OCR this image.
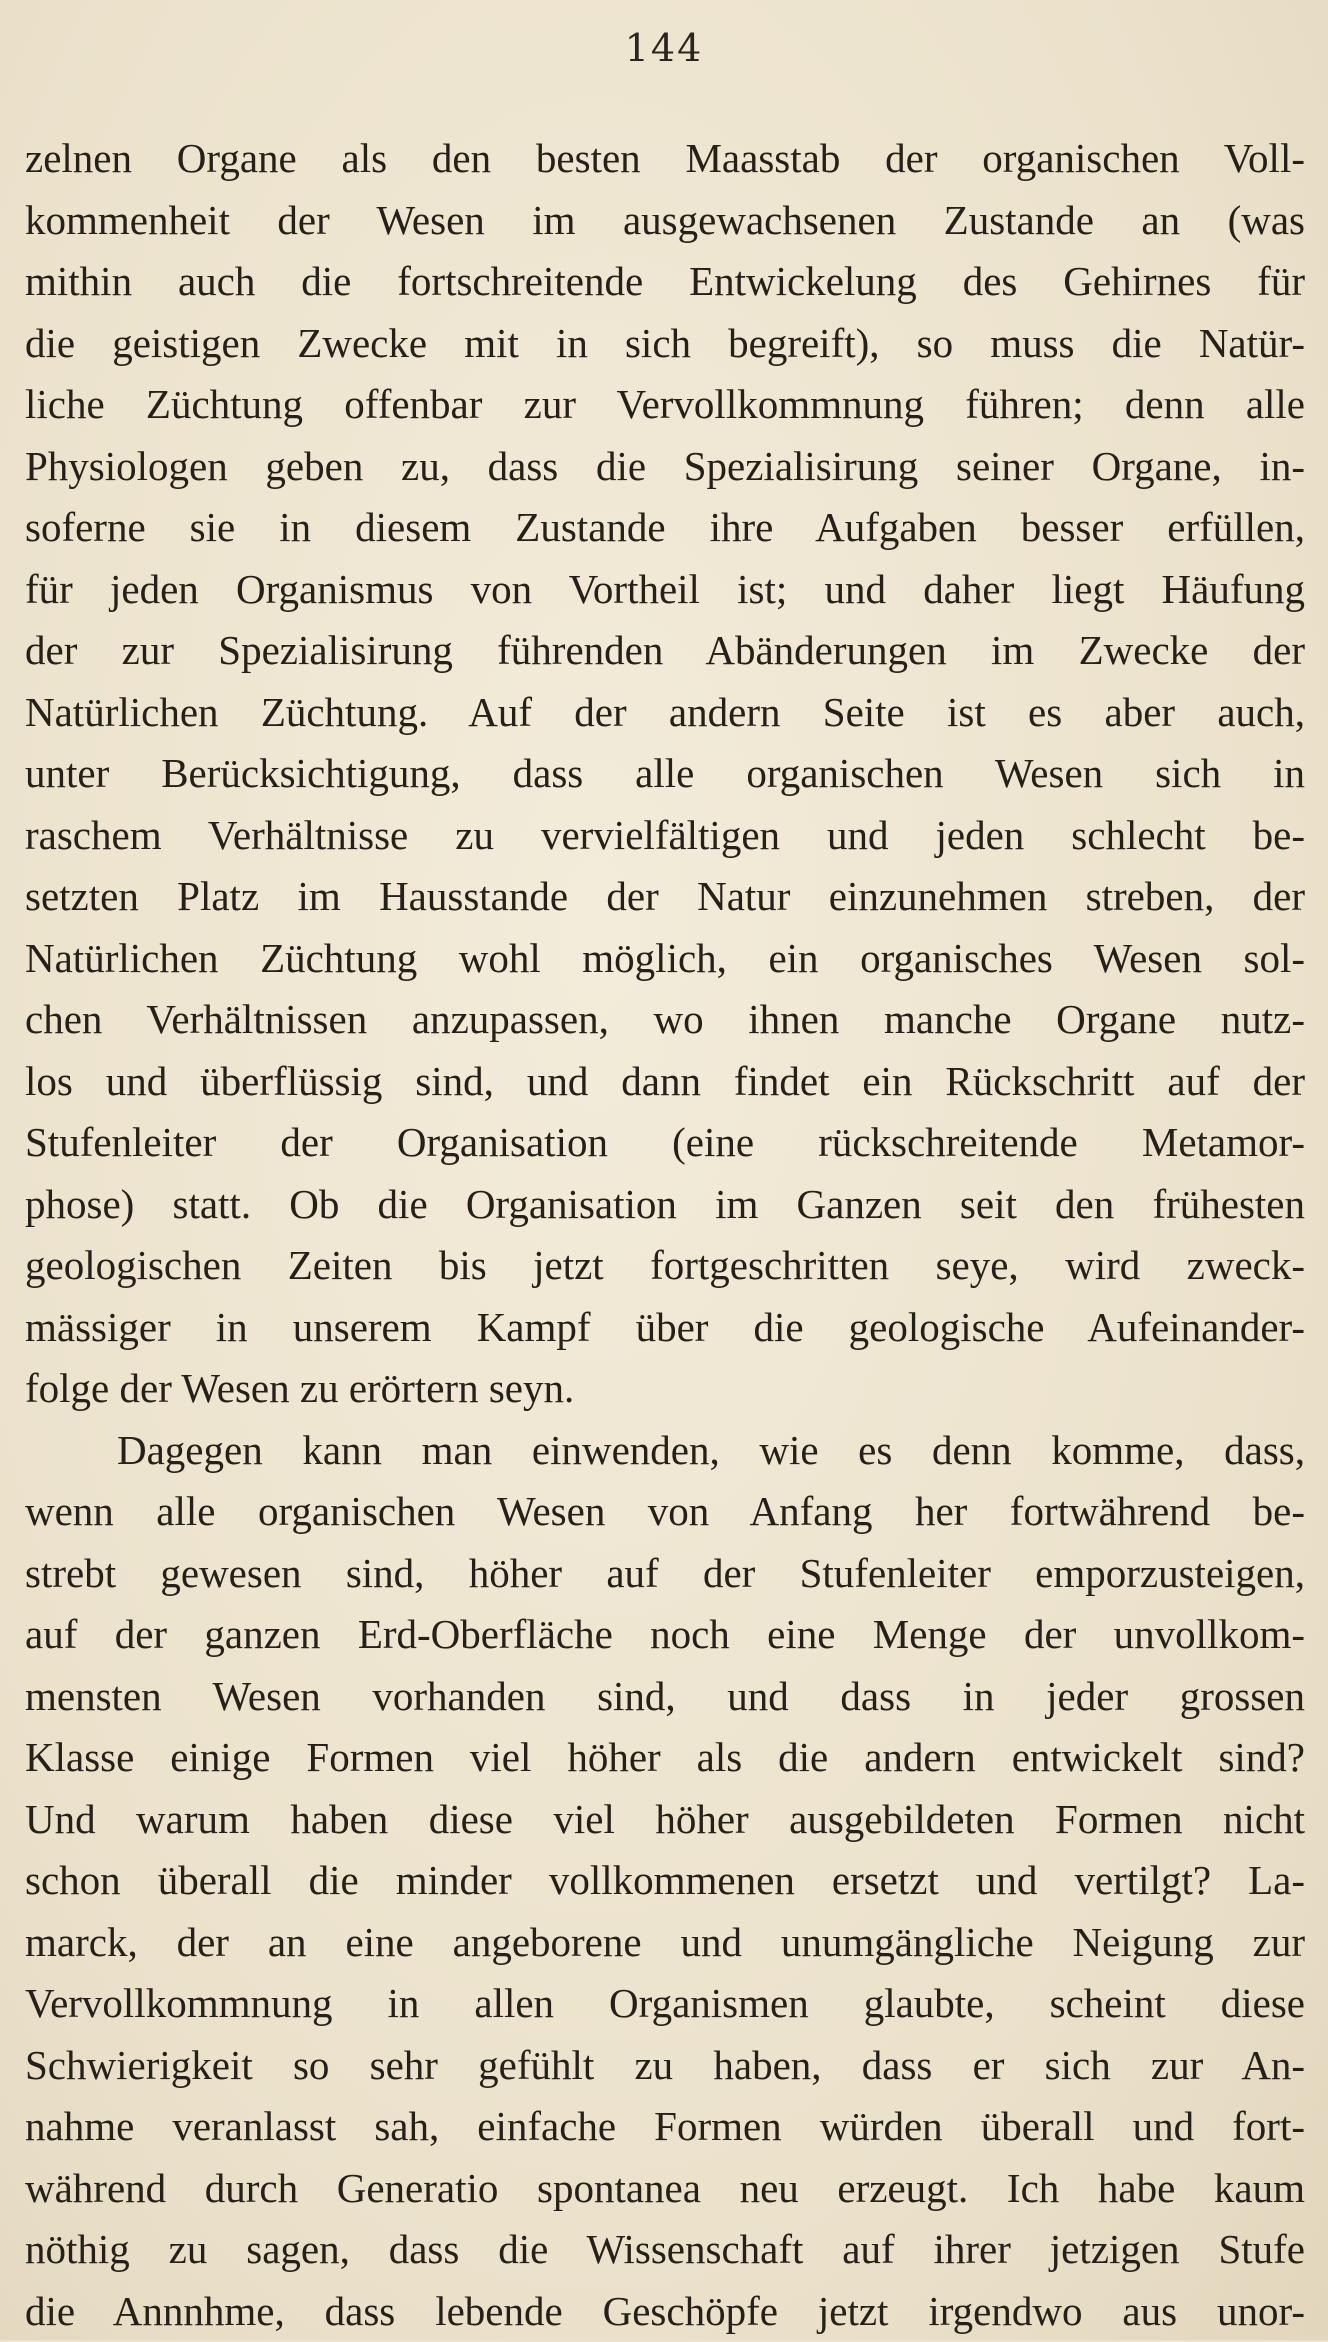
144
zelnen Organe als den besten Maasstab der organischen Voll-
kommenheit der Wesen im ausgewachsenen Zustande an (was
mithin auch die fortschreitende Entwickelung des Gehirnes für
die geistigen Zwecke mit in sich begreift), so muss die Natür-
liche Züchtung offenbar zur Vervollkommnung führen; denn alle
Physiologen geben zu, dass die Spezialisirung seiner Organe, in-
soferne sie in diesem Zustande ihre Aufgaben besser erfüllen,
für jeden Organismus von Vortheil ist; und daher liegt Häufung
der zur Spezialisirung führenden Abänderungen im Zwecke der
Natürlichen Züchtung. Auf der andern Seite ist es aber auch,
unter Berücksichtigung, dass alle organischen Wesen sich in
raschem Verhältnisse zu vervielfältigen und jeden schlecht be-
setzten Platz im Hausstande der Natur einzunehmen streben, der
Natürlichen Züchtung wohl möglich, ein organisches Wesen sol-
chen Verhältnissen anzupassen, wo ihnen manche Organe nutz-
los und überflüssig sind, und dann findet ein Rückschritt auf der
Stufenleiter der Organisation (eine rückschreitende Metamor-
phose) statt. Ob die Organisation im Ganzen seit den frühesten
geologischen Zeiten bis jetzt fortgeschritten seye, wird zweck-
mässiger in unserem Kampf über die geologische Aufeinander-
folge der Wesen zu erörtern seyn.
Dagegen kann man einwenden, wie es denn komme, dass,
wenn alle organischen Wesen von Anfang her fortwährend be-
strebt gewesen sind, höher auf der Stufenleiter emporzusteigen,
auf der ganzen Erd-Oberfläche noch eine Menge der unvollkom-
mensten Wesen vorhanden sind, und dass in jeder grossen
Klasse einige Formen viel höher als die andern entwickelt sind?
Und warum haben diese viel höher ausgebildeten Formen nicht
schon überall die minder vollkommenen ersetzt und vertilgt? La-
marck, der an eine angeborene und unumgängliche Neigung zur
Vervollkommnung in allen Organismen glaubte, scheint diese
Schwierigkeit so sehr gefühlt zu haben, dass er sich zur An-
nahme veranlasst sah, einfache Formen würden überall und fort-
während durch Generatio spontanea neu erzeugt. Ich habe kaum
nöthig zu sagen, dass die Wissenschaft auf ihrer jetzigen Stufe
die Annnhme, dass lebende Geschöpfe jetzt irgendwo aus unor-
